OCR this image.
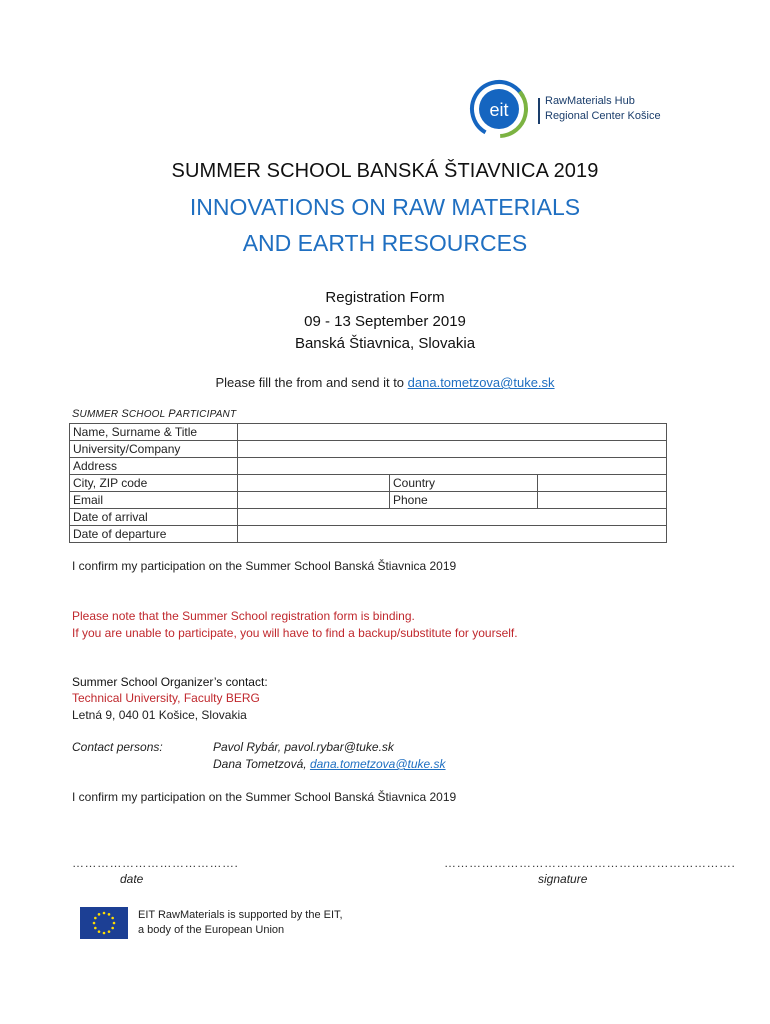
eit	RawMaterials Hub
Regional Center Košice
SUMMER SCHOOL BANSKÁ ŠTIAVNICA 2019
INNOVATIONS ON RAW MATERIALS
AND EARTH RESOURCES
Registration Form
09 - 13 September 2019
Banská Štiavnica, Slovakia
Please fill the from and send it to dana.tometzova@tuke.sk
SUMMER SCHOOL PARTICIPANT
Name, Surname & Title			
University/Company			
Address			
City, ZIP code		Country	
Email		Phone	
Date of arrival			
Date of departure			
I confirm my participation on the Summer School Banská Štiavnica 2019
Please note that the Summer School registration form is binding.
If you are unable to participate, you will have to find a backup/substitute for yourself.
Summer School Organizer’s contact:
Technical University, Faculty BERG
Letná 9, 040 01 Košice, Slovakia
Contact persons:	Pavol Rybár, pavol.rybar@tuke.sk
Dana Tometzová, dana.tometzova@tuke.sk
I confirm my participation on the Summer School Banská Štiavnica 2019
………………………………….
date
…………………………………………………………….
signature
EIT RawMaterials is supported by the EIT,
a body of the European Union
